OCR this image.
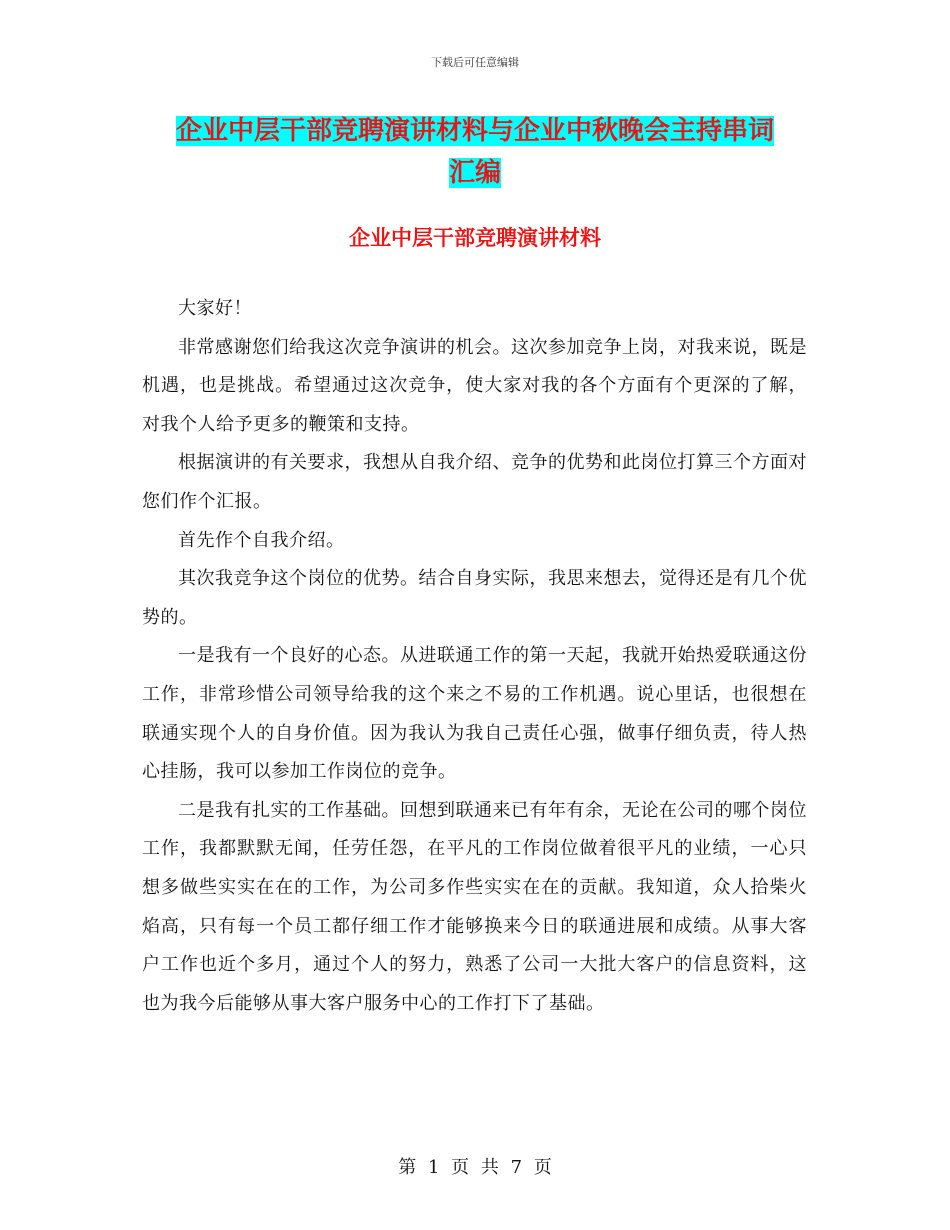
下载后可任意编辑
企业中层干部竞聘演讲材料与企业中秋晚会主持串词
汇编
企业中层干部竞聘演讲材料

大家好！

非常感谢您们给我这次竞争演讲的机会。这次参加竞争上岗，对我来说，既是机遇，也是挑战。希望通过这次竞争，使大家对我的各个方面有个更深的了解，对我个人给予更多的鞭策和支持。

根据演讲的有关要求，我想从自我介绍、竞争的优势和此岗位打算三个方面对您们作个汇报。

首先作个自我介绍。

其次我竞争这个岗位的优势。结合自身实际，我思来想去，觉得还是有几个优势的。

一是我有一个良好的心态。从进联通工作的第一天起，我就开始热爱联通这份工作，非常珍惜公司领导给我的这个来之不易的工作机遇。说心里话，也很想在联通实现个人的自身价值。因为我认为我自己责任心强，做事仔细负责，待人热心挂肠，我可以参加工作岗位的竞争。

二是我有扎实的工作基础。回想到联通来已有年有余，无论在公司的哪个岗位工作，我都默默无闻，任劳任怨，在平凡的工作岗位做着很平凡的业绩，一心只想多做些实实在在的工作，为公司多作些实实在在的贡献。我知道，众人拾柴火焰高，只有每一个员工都仔细工作才能够换来今日的联通进展和成绩。从事大客户工作也近个多月，通过个人的努力，熟悉了公司一大批大客户的信息资料，这也为我今后能够从事大客户服务中心的工作打下了基础。

第 1 页 共 7 页
